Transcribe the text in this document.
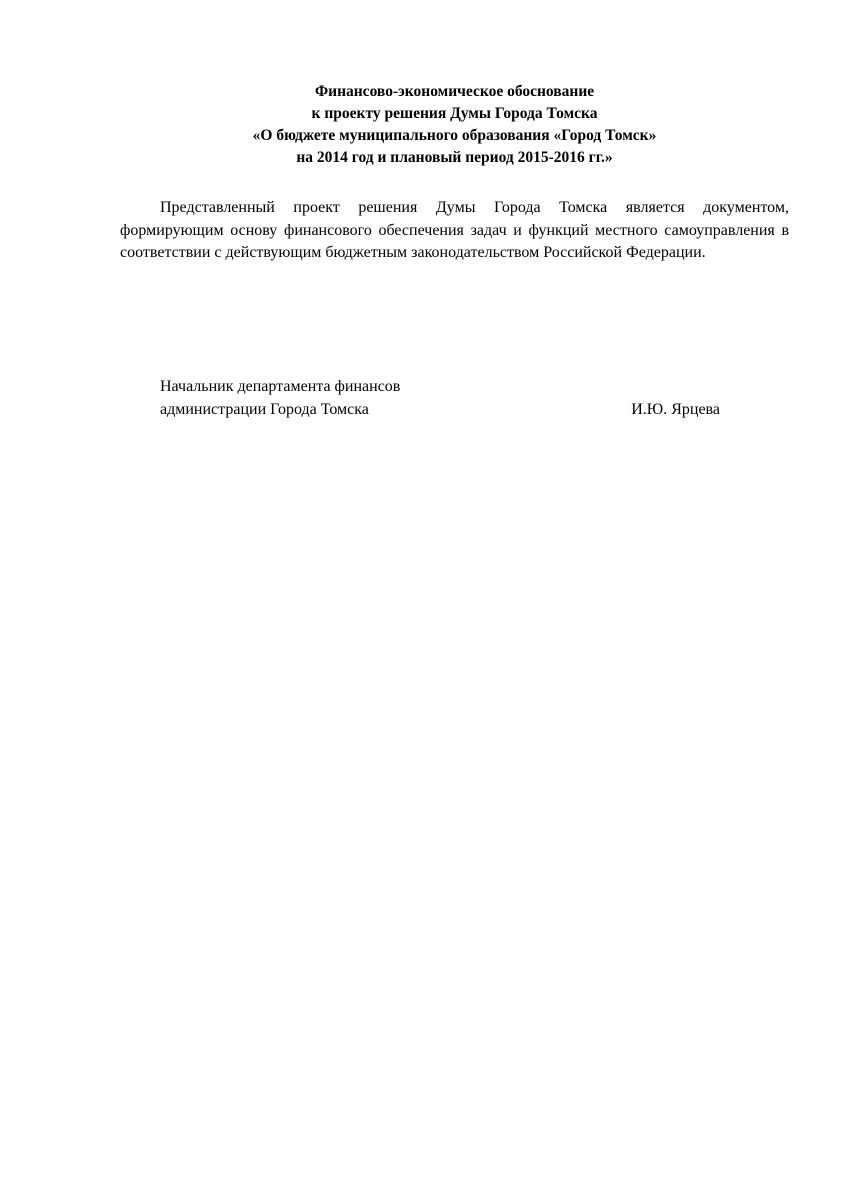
Финансово-экономическое обоснование
к проекту решения Думы Города Томска
«О бюджете муниципального образования «Город Томск»
на 2014 год и плановый период 2015-2016 гг.»

Представленный проект решения Думы Города Томска является документом, формирующим основу финансового обеспечения задач и функций местного самоуправления в соответствии с действующим бюджетным законодательством Российской Федерации.

Начальник департамента финансов
администрации Города Томска	И.Ю. Ярцева
